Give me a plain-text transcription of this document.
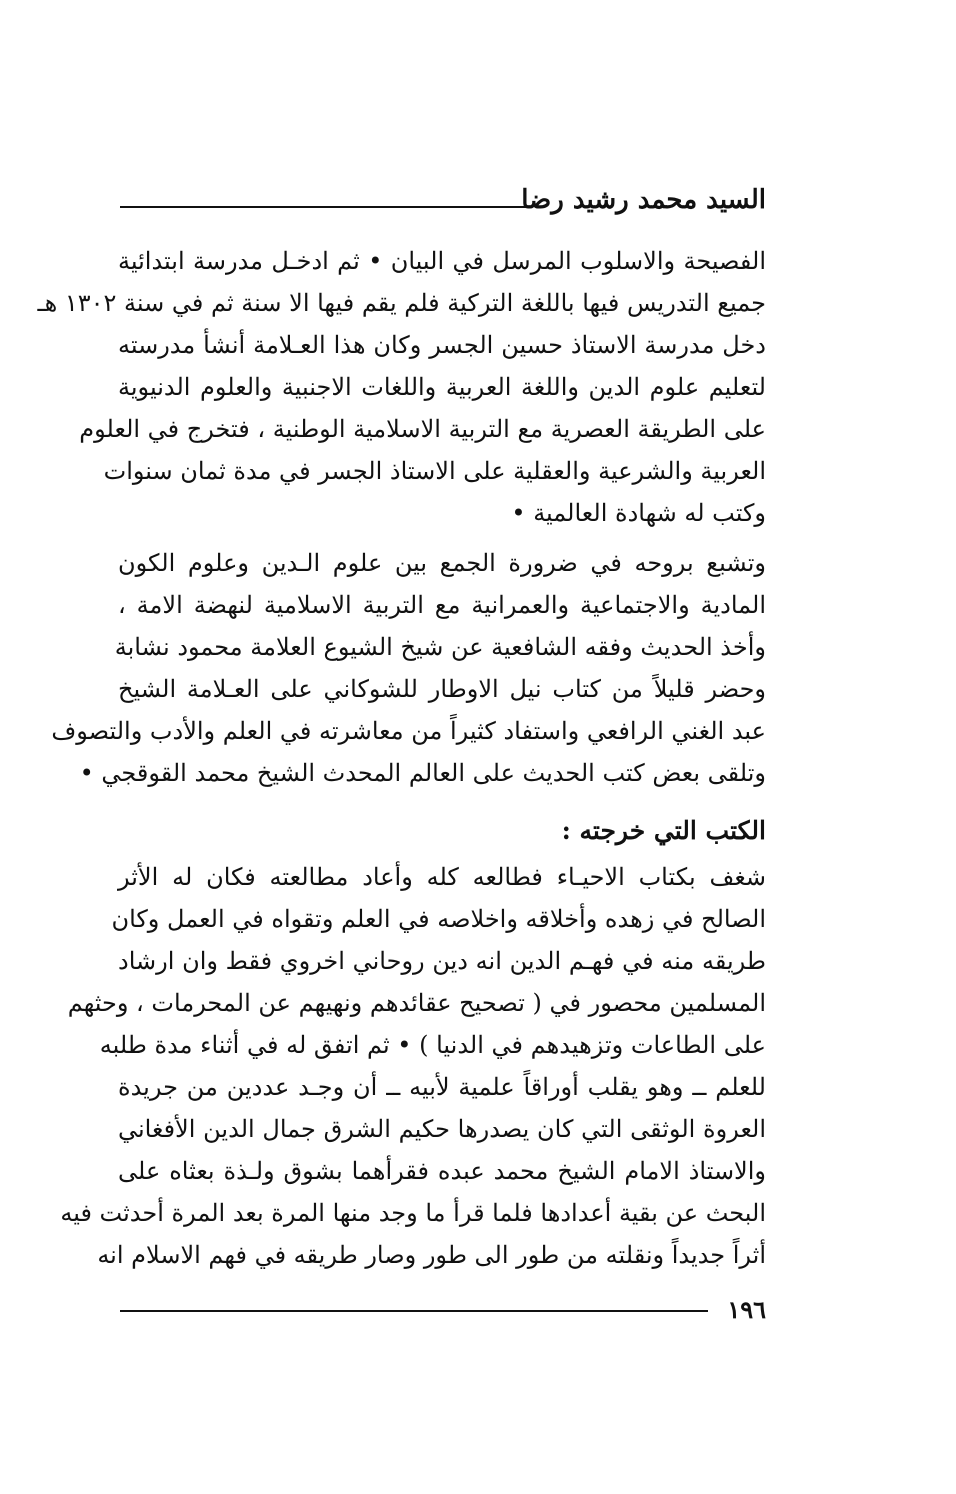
السيد محمد رشيد رضا
الفصيحة والاسلوب المرسل في البيان • ثم ادخـل مدرسة ابتدائية
جميع التدريس فيها باللغة التركية فلم يقم فيها الا سنة ثم في سنة ١٣٠٢ هـ
دخل مدرسة الاستاذ حسين الجسر وكان هذا العـلامة أنشأ مدرسته
لتعليم علوم الدين واللغة العربية واللغات الاجنبية والعلوم الدنيوية
على الطريقة العصرية مع التربية الاسلامية الوطنية ، فتخرج في العلوم
العربية والشرعية والعقلية على الاستاذ الجسر في مدة ثمان سنوات
وكتب له شهادة العالمية •
وتشبع بروحه في ضرورة الجمع بين علوم الـدين وعلوم الكون
المادية والاجتماعية والعمرانية مع التربية الاسلامية لنهضة الامة ،
وأخذ الحديث وفقه الشافعية عن شيخ الشيوع العلامة محمود نشابة
وحضر قليلاً من كتاب نيل الاوطار للشوكاني على العـلامة الشيخ
عبد الغني الرافعي واستفاد كثيراً من معاشرته في العلم والأدب والتصوف
وتلقى بعض كتب الحديث على العالم المحدث الشيخ محمد القوقجي •
الكتب التي خرجته :
شغف بكتاب الاحيـاء فطالعه كله وأعاد مطالعته فكان له الأثر
الصالح في زهده وأخلاقه واخلاصه في العلم وتقواه في العمل وكان
طريقه منه في فهـم الدين انه دين روحاني اخروي فقط وان ارشاد
المسلمين محصور في ( تصحيح عقائدهم ونهيهم عن المحرمات ، وحثهم
على الطاعات وتزهيدهم في الدنيا ) • ثم اتفق له في أثناء مدة طلبه
للعلم ــ وهو يقلب أوراقاً علمية لأبيه ــ أن وجـد عددين من جريدة
العروة الوثقى التي كان يصدرها حكيم الشرق جمال الدين الأفغاني
والاستاذ الامام الشيخ محمد عبده فقرأهما بشوق ولـذة بعثاه على
البحث عن بقية أعدادها فلما قرأ ما وجد منها المرة بعد المرة أحدثت فيه
أثراً جديداً ونقلته من طور الى طور وصار طريقه في فهم الاسلام انه
١٩٦
